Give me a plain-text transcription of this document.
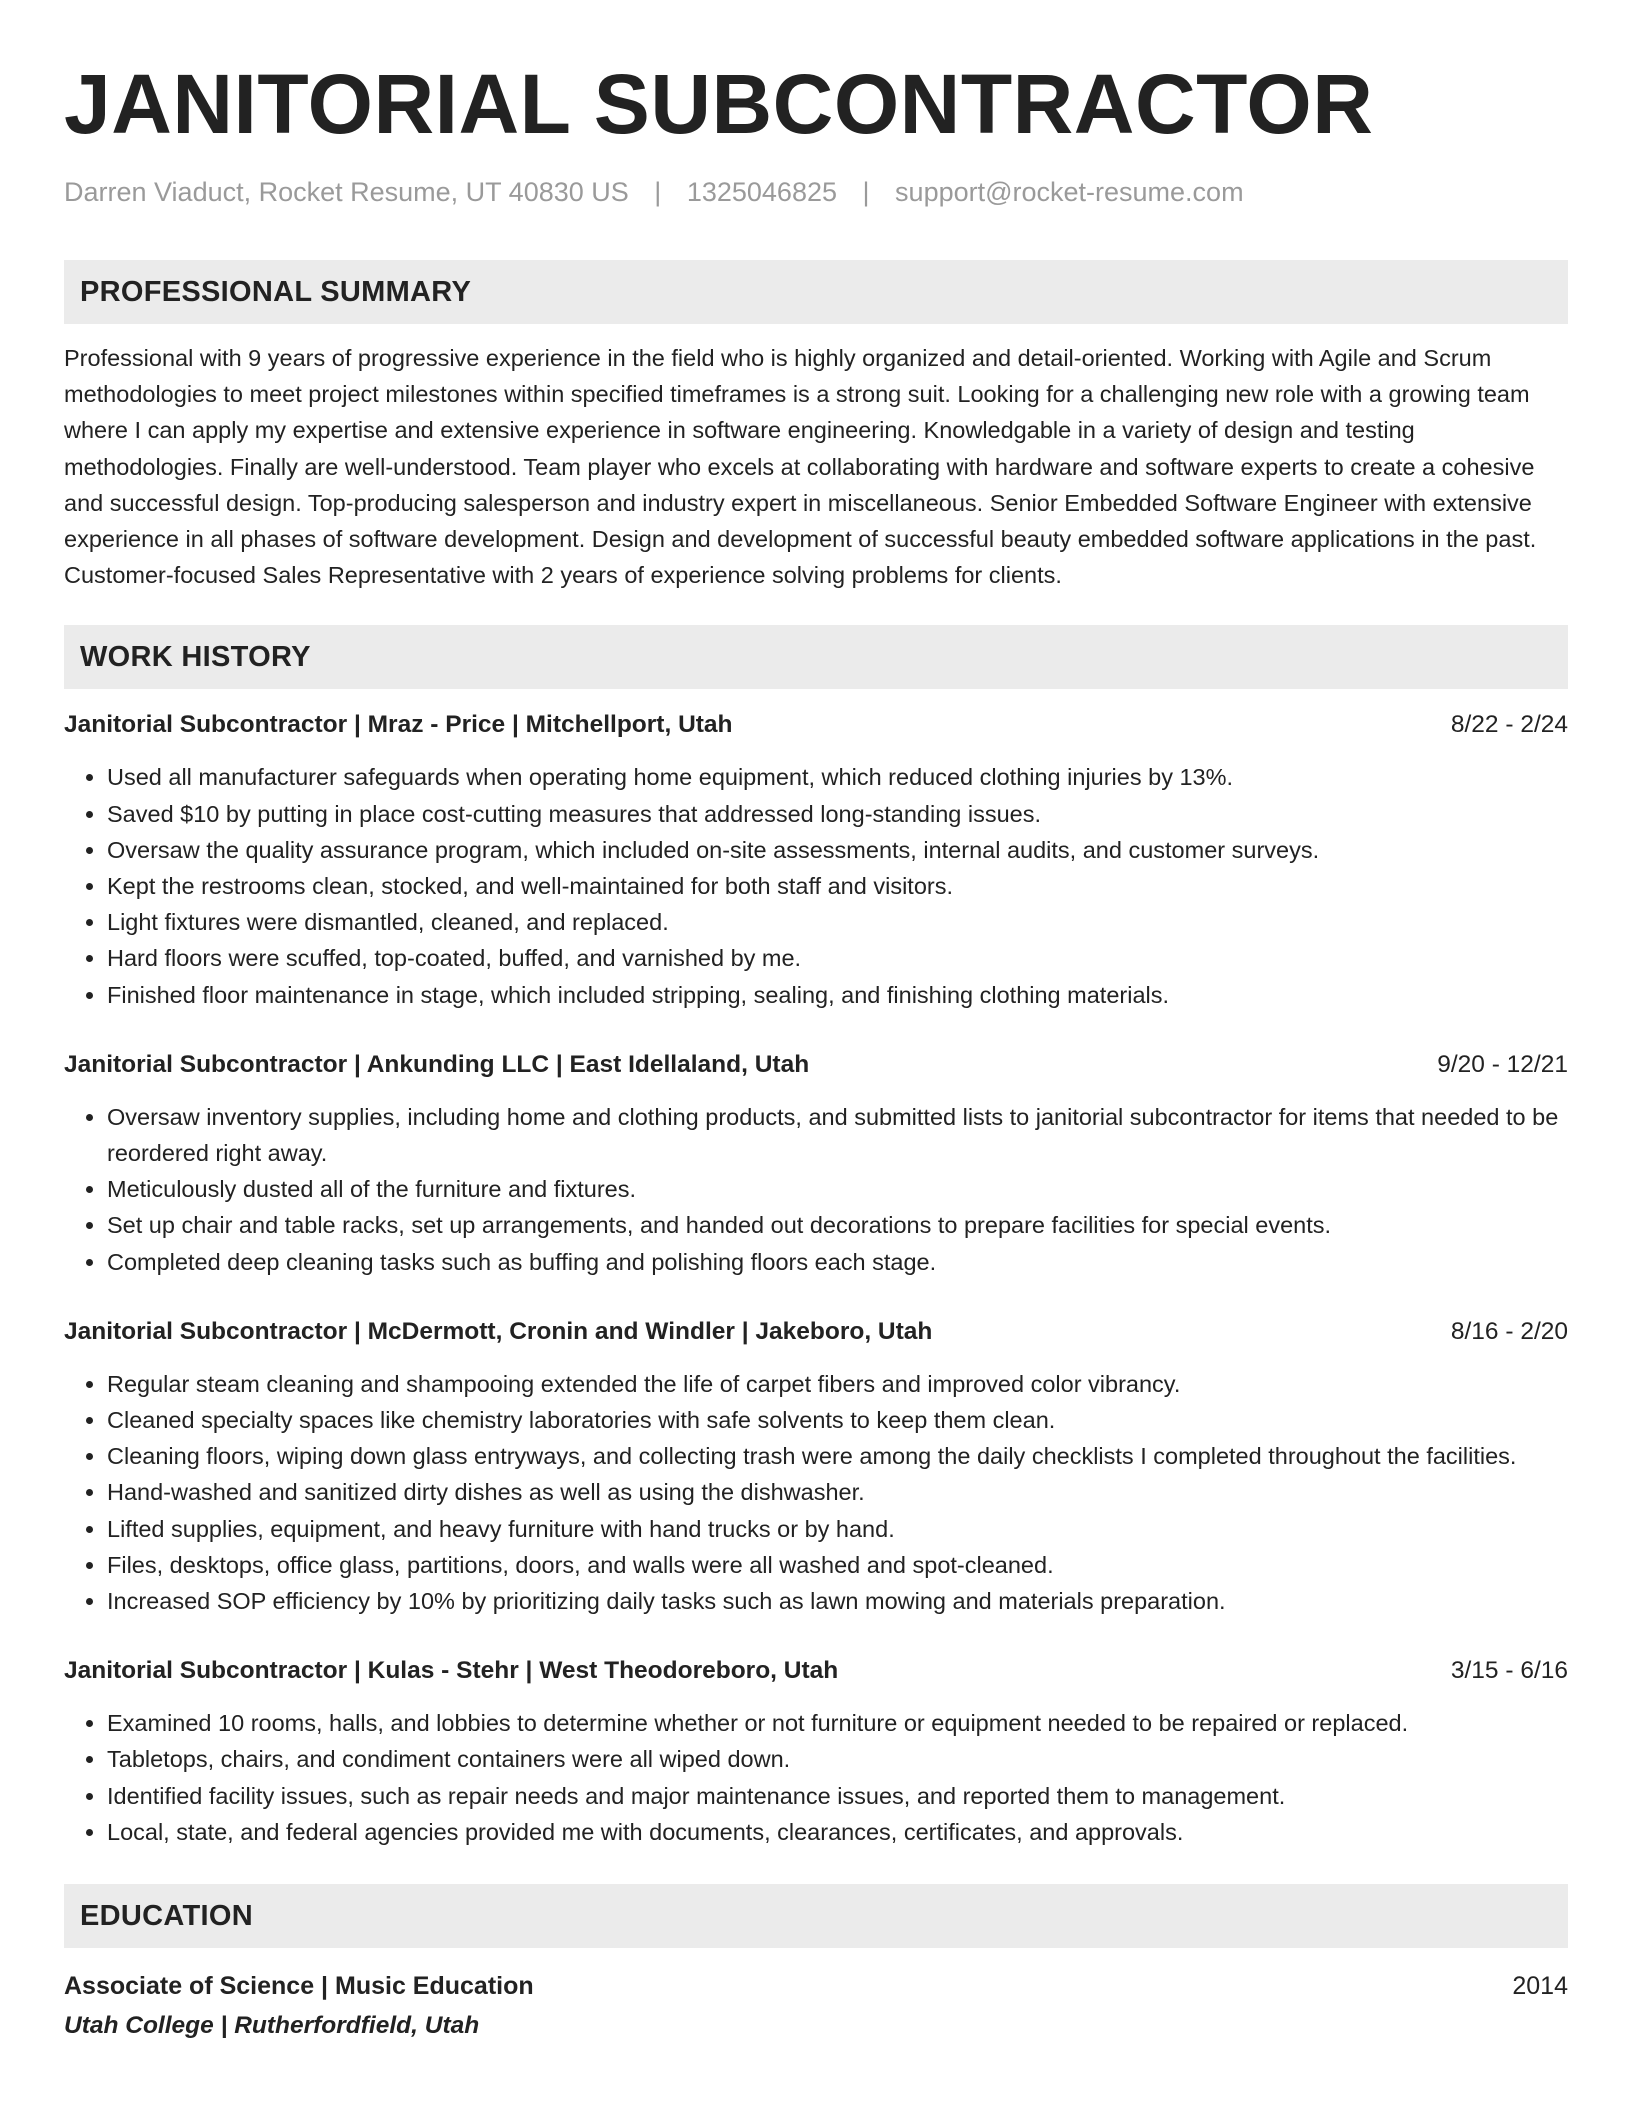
JANITORIAL SUBCONTRACTOR
Darren Viaduct, Rocket Resume, UT 40830 US | 1325046825 | support@rocket-resume.com
PROFESSIONAL SUMMARY

Professional with 9 years of progressive experience in the field who is highly organized and detail-oriented. Working with Agile and Scrum methodologies to meet project milestones within specified timeframes is a strong suit. Looking for a challenging new role with a growing team where I can apply my expertise and extensive experience in software engineering. Knowledgable in a variety of design and testing methodologies. Finally are well-understood. Team player who excels at collaborating with hardware and software experts to create a cohesive and successful design. Top-producing salesperson and industry expert in miscellaneous. Senior Embedded Software Engineer with extensive experience in all phases of software development. Design and development of successful beauty embedded software applications in the past. Customer-focused Sales Representative with 2 years of experience solving problems for clients.

WORK HISTORY
Janitorial Subcontractor | Mraz - Price | Mitchellport, Utah	8/22 - 2/24
• Used all manufacturer safeguards when operating home equipment, which reduced clothing injuries by 13%.
• Saved $10 by putting in place cost-cutting measures that addressed long-standing issues.
• Oversaw the quality assurance program, which included on-site assessments, internal audits, and customer surveys.
• Kept the restrooms clean, stocked, and well-maintained for both staff and visitors.
• Light fixtures were dismantled, cleaned, and replaced.
• Hard floors were scuffed, top-coated, buffed, and varnished by me.
• Finished floor maintenance in stage, which included stripping, sealing, and finishing clothing materials.
Janitorial Subcontractor | Ankunding LLC | East Idellaland, Utah	9/20 - 12/21
• Oversaw inventory supplies, including home and clothing products, and submitted lists to janitorial subcontractor for items that needed to be reordered right away.
• Meticulously dusted all of the furniture and fixtures.
• Set up chair and table racks, set up arrangements, and handed out decorations to prepare facilities for special events.
• Completed deep cleaning tasks such as buffing and polishing floors each stage.
Janitorial Subcontractor | McDermott, Cronin and Windler | Jakeboro, Utah	8/16 - 2/20
• Regular steam cleaning and shampooing extended the life of carpet fibers and improved color vibrancy.
• Cleaned specialty spaces like chemistry laboratories with safe solvents to keep them clean.
• Cleaning floors, wiping down glass entryways, and collecting trash were among the daily checklists I completed throughout the facilities.
• Hand-washed and sanitized dirty dishes as well as using the dishwasher.
• Lifted supplies, equipment, and heavy furniture with hand trucks or by hand.
• Files, desktops, office glass, partitions, doors, and walls were all washed and spot-cleaned.
• Increased SOP efficiency by 10% by prioritizing daily tasks such as lawn mowing and materials preparation.
Janitorial Subcontractor | Kulas - Stehr | West Theodoreboro, Utah	3/15 - 6/16
• Examined 10 rooms, halls, and lobbies to determine whether or not furniture or equipment needed to be repaired or replaced.
• Tabletops, chairs, and condiment containers were all wiped down.
• Identified facility issues, such as repair needs and major maintenance issues, and reported them to management.
• Local, state, and federal agencies provided me with documents, clearances, certificates, and approvals.
EDUCATION
Associate of Science | Music Education	2014
Utah College | Rutherfordfield, Utah
